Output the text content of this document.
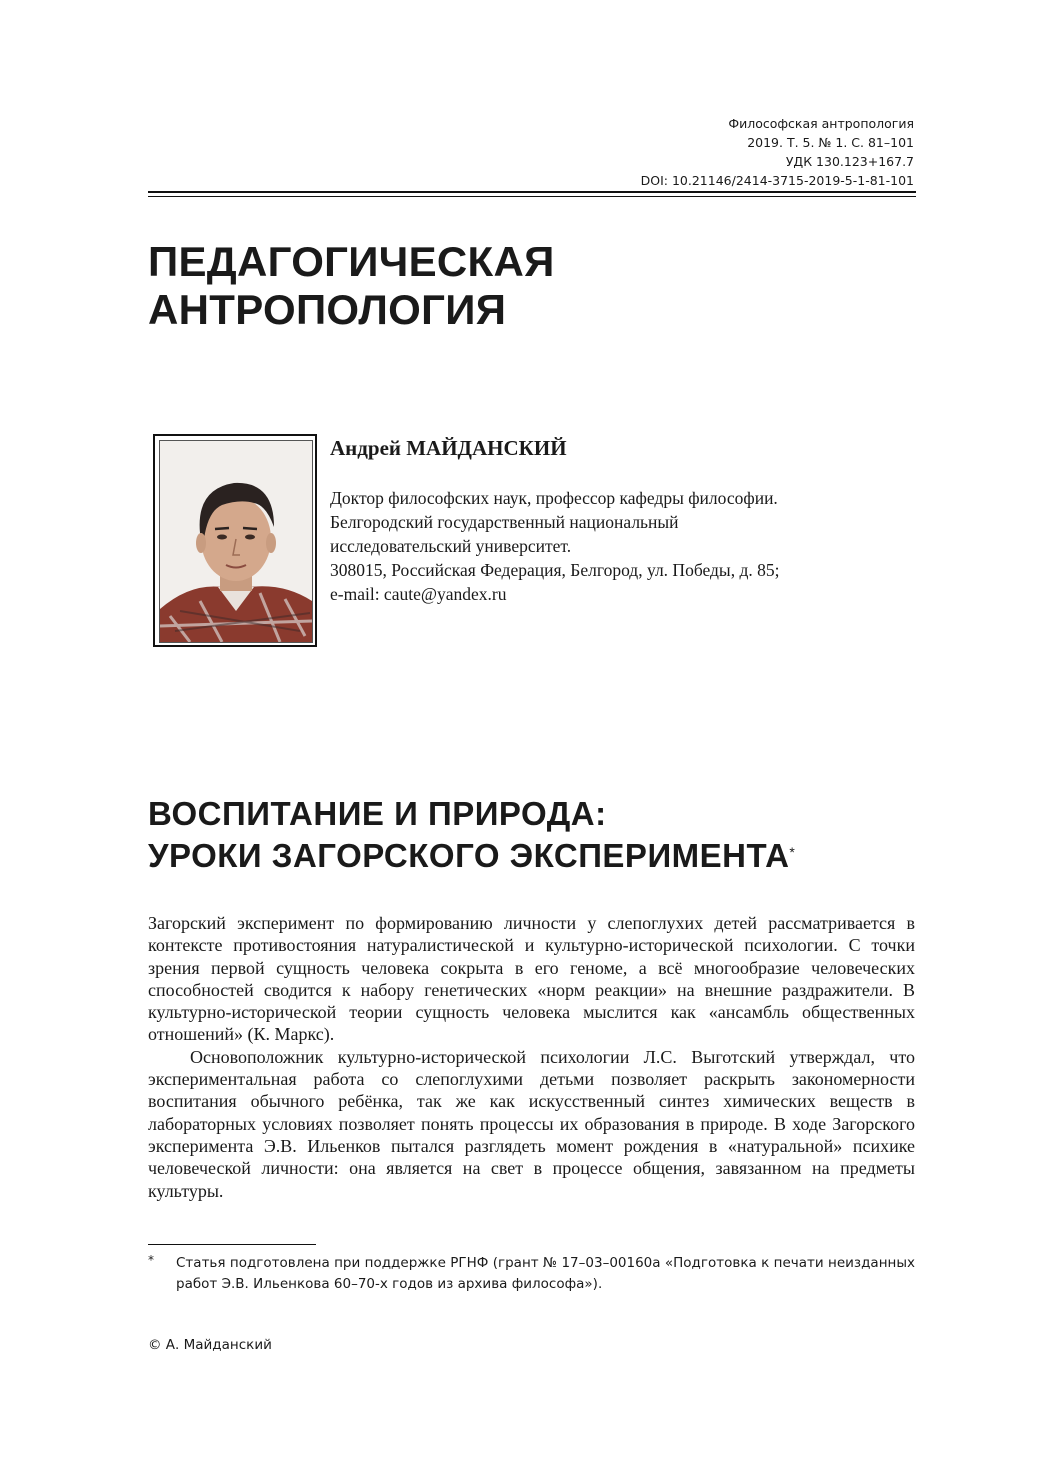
Философская антропология
2019. Т. 5. № 1. С. 81–101
УДК 130.123+167.7
DOI: 10.21146/2414-3715-2019-5-1-81-101
ПЕДАГОГИЧЕСКАЯ
АНТРОПОЛОГИЯ
Андрей МАЙДАНСКИЙ
Доктор философских наук, профессор кафедры философии.
Белгородский государственный национальный
исследовательский университет.
308015, Российская Федерация, Белгород, ул. Победы, д. 85;
e-mail: caute@yandex.ru
ВОСПИТАНИЕ И ПРИРОДА:
УРОКИ ЗАГОРСКОГО ЭКСПЕРИМЕНТА*

Загорский эксперимент по формированию личности у слепоглухих детей рассматривается в контексте противостояния натуралистической и культурно-исторической психологии. С точки зрения первой сущность человека сокрыта в его геноме, а всё многообразие человеческих способностей сводится к набору генетических «норм реакции» на внешние раздражители. В культурно-исторической теории сущность человека мыслится как «ансамбль общественных отношений» (К. Маркс).

Основоположник культурно-исторической психологии Л.С. Выготский утверждал, что экспериментальная работа со слепоглухими детьми позволяет раскрыть закономерности воспитания обычного ребёнка, так же как искусственный синтез химических веществ в лабораторных условиях позволяет понять процессы их образования в природе. В ходе Загорского эксперимента Э.В. Ильенков пытался разглядеть момент рождения в «натуральной» психике человеческой личности: она является на свет в процессе общения, завязанном на предметы культуры.

* Статья подготовлена при поддержке РГНФ (грант № 17–03–00160а «Подготовка к печати неизданных работ Э.В. Ильенкова 60–70-х годов из архива философа»).
© А. Майданский
